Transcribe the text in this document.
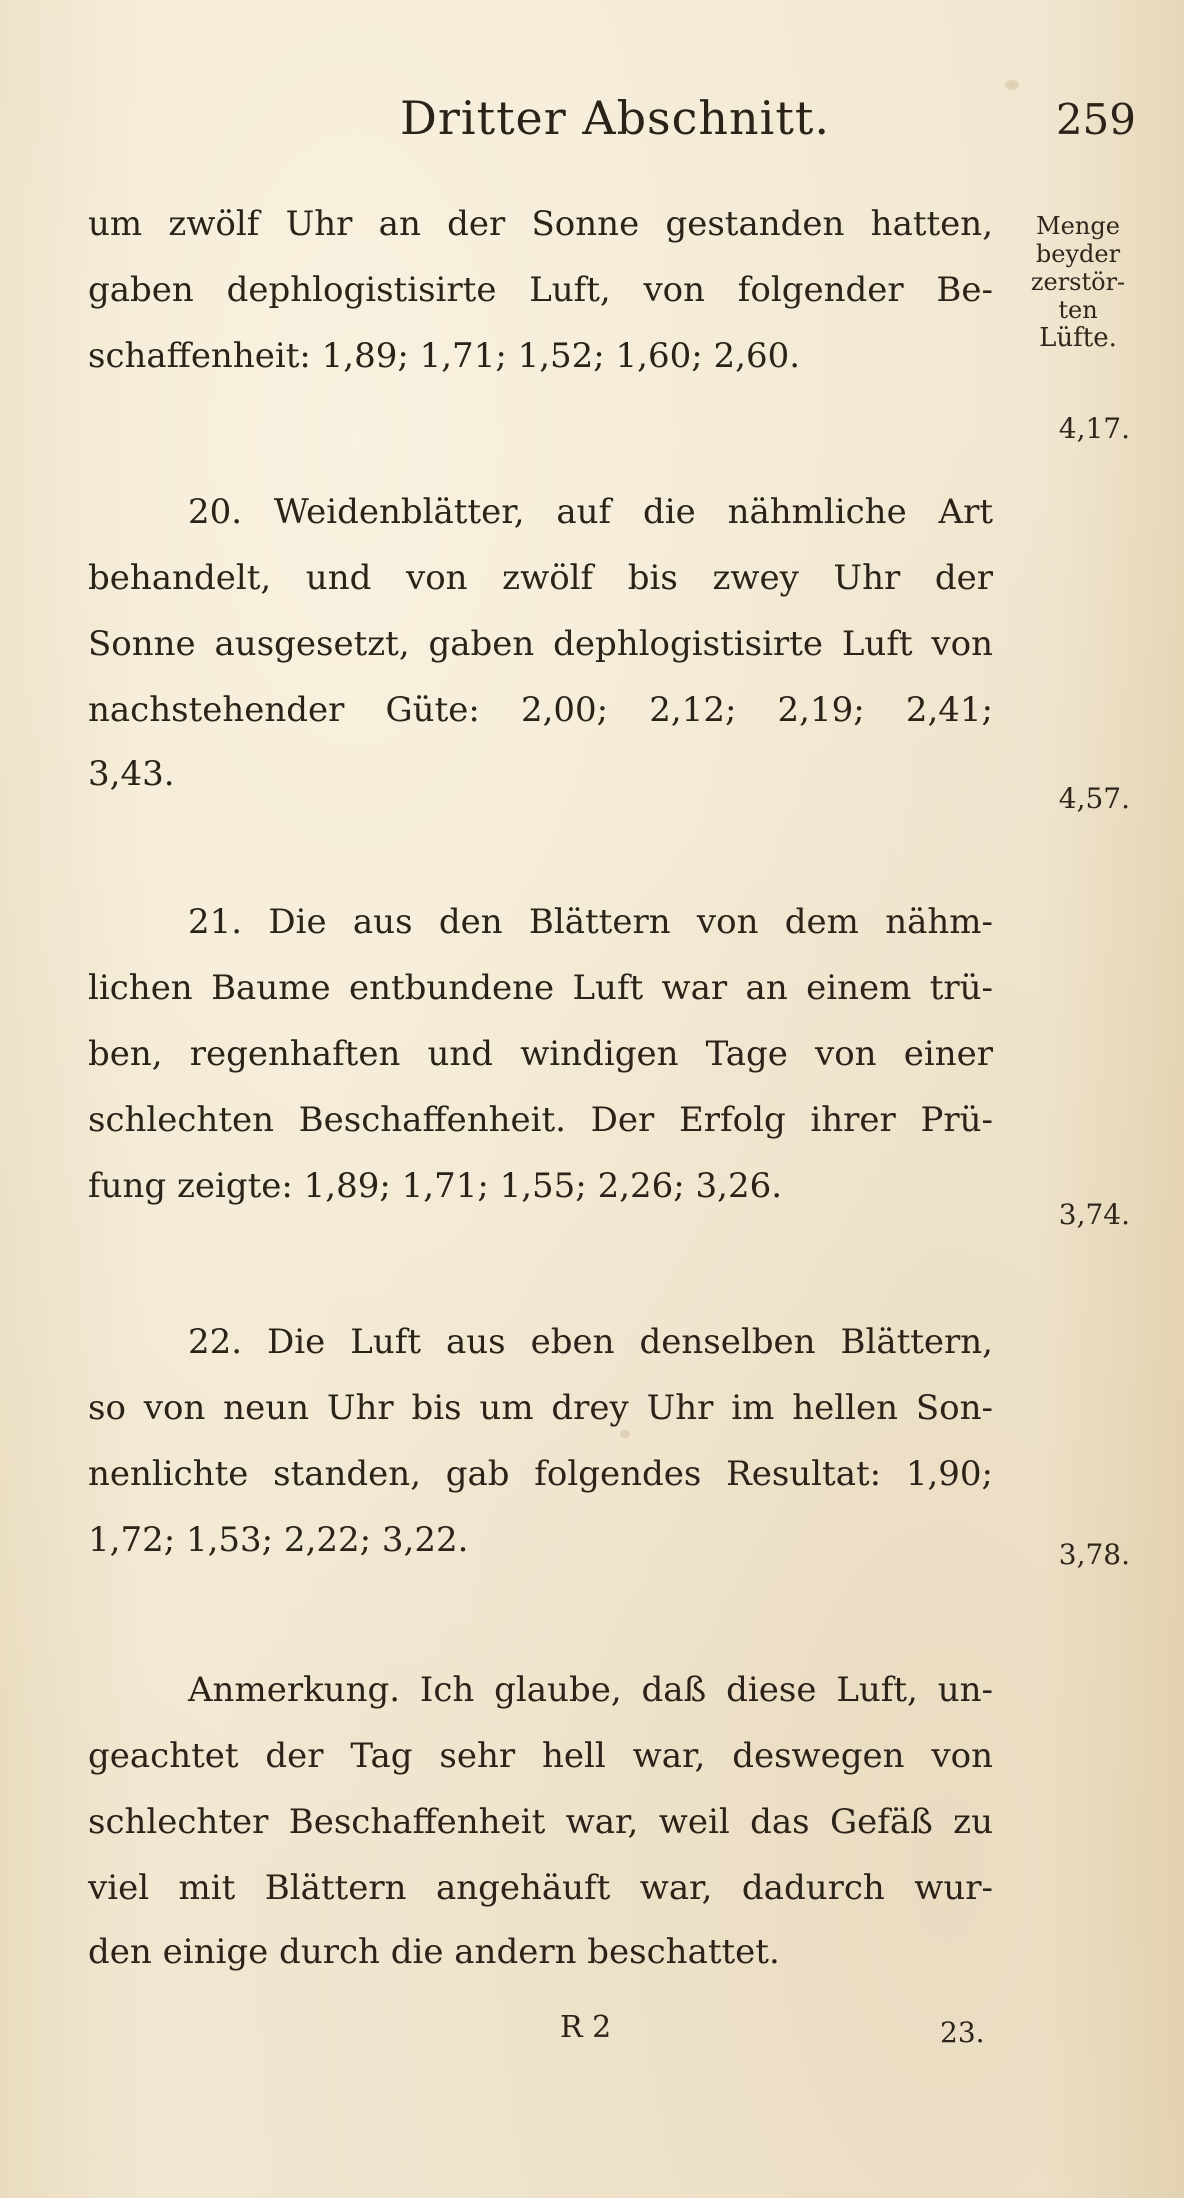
Dritter Abschnitt.	259
Menge
beyder
zerstör-
ten
Lüfte.
um zwölf Uhr an der Sonne gestanden hatten,
gaben dephlogistisirte Luft, von folgender Be-
schaffenheit: 1,89; 1,71; 1,52; 1,60; 2,60.
4,17.
20. Weidenblätter, auf die nähmliche Art
behandelt, und von zwölf bis zwey Uhr der
Sonne ausgesetzt, gaben dephlogistisirte Luft von
nachstehender Güte: 2,00; 2,12; 2,19; 2,41;
3,43.
4,57.
21. Die aus den Blättern von dem nähm-
lichen Baume entbundene Luft war an einem trü-
ben, regenhaften und windigen Tage von einer
schlechten Beschaffenheit. Der Erfolg ihrer Prü-
fung zeigte: 1,89; 1,71; 1,55; 2,26; 3,26.
3,74.
22. Die Luft aus eben denselben Blättern,
so von neun Uhr bis um drey Uhr im hellen Son-
nenlichte standen, gab folgendes Resultat: 1,90;
1,72; 1,53; 2,22; 3,22.	3,78.
Anmerkung. Ich glaube, daß diese Luft, un-
geachtet der Tag sehr hell war, deswegen von
schlechter Beschaffenheit war, weil das Gefäß zu
viel mit Blättern angehäuft war, dadurch wur-
den einige durch die andern beschattet.
R 2	23.
